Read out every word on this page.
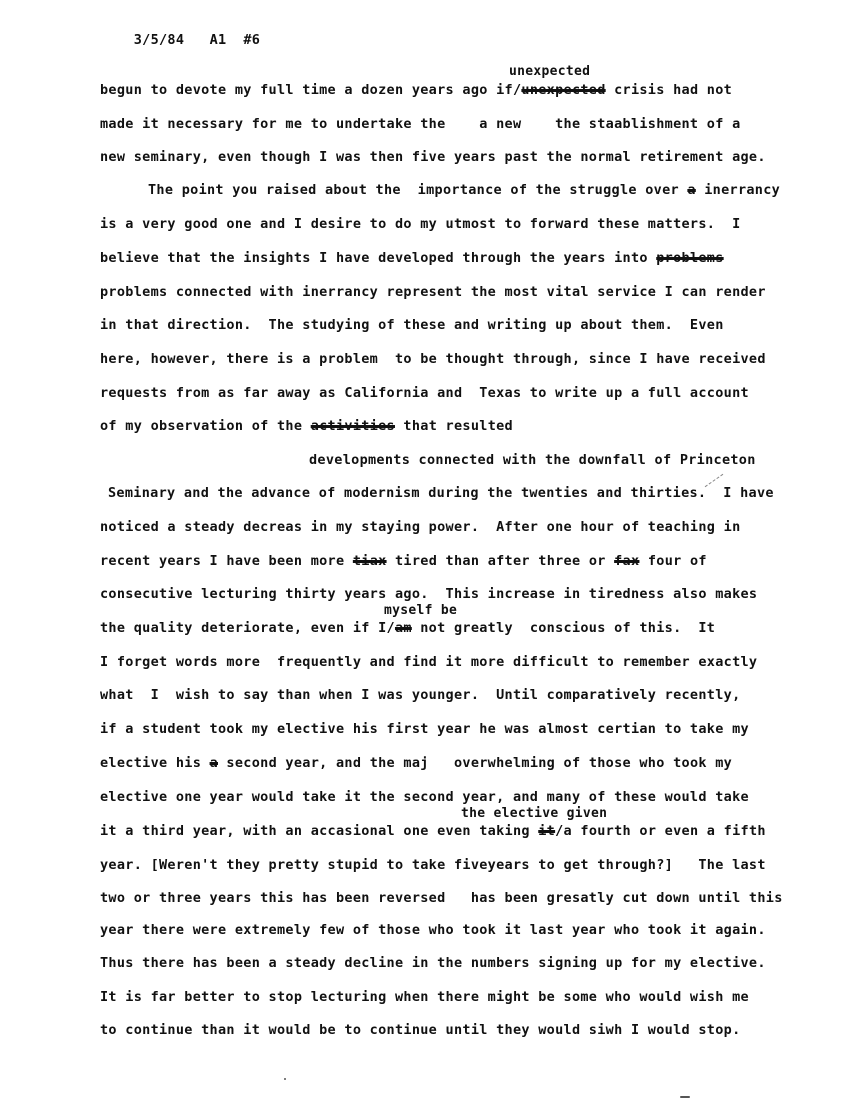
3/5/84 A1 #6

unexpected
begun to devote my full time a dozen years ago if/unexpected crisis had not
made it necessary for me to undertake the    a new    the staablishment of a
new seminary, even though I was then five years past the normal retirement age.
The point you raised about the  importance of the struggle over a inerrancy
is a very good one and I desire to do my utmost to forward these matters.  I
believe that the insights I have developed through the years into problems
problems connected with inerrancy represent the most vital service I can render
in that direction.  The studying of these and writing up about them.  Even
here, however, there is a problem  to be thought through, since I have received
requests from as far away as California and  Texas to write up a full account
of my observation of the activities that resulted
developments connected with the downfall of Princeton
Seminary and the advance of modernism during the twenties and thirties. I have
noticed a steady decreas in my staying power.  After one hour of teaching in
recent years I have been more tiax tired than after three or fax four of
consecutive lecturing thirty years ago.  This increase in tiredness also makes
myself be
the quality deteriorate, even if I/am not greatly  conscious of this.  It
I forget words more  frequently and find it more difficult to remember exactly
what  I  wish to say than when I was younger.  Until comparatively recently,
if a student took my elective his first year he was almost certian to take my
elective his a second year, and the maj   overwhelming of those who took my
elective one year would take it the second year, and many of these would take
the elective given
it a third year, with an accasional one even taking it/a fourth or even a fifth
year. [Weren't they pretty stupid to take fiveyears to get through?]   The last
two or three years this has been reversed   has been gresatly cut down until this
year there were extremely few of those who took it last year who took it again.
Thus there has been a steady decline in the numbers signing up for my elective.
It is far better to stop lecturing when there might be some who would wish me
to continue than it would be to continue until they would siwh I would stop.
